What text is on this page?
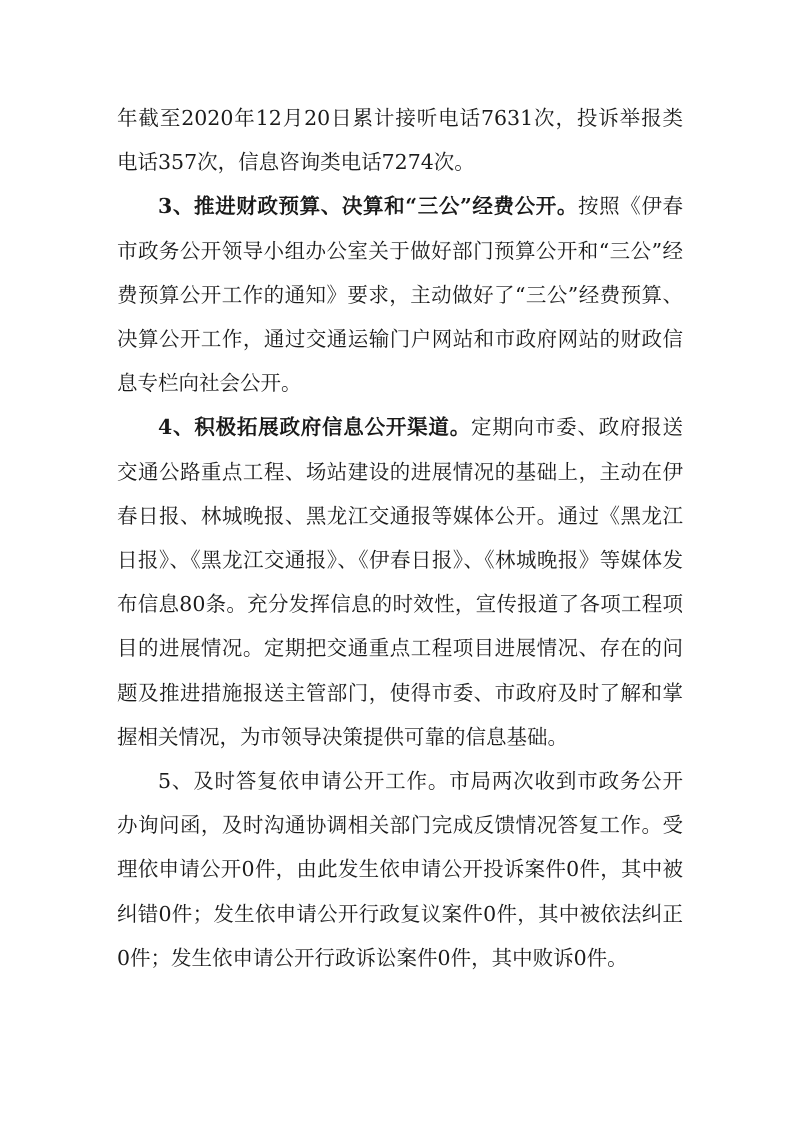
年截至2020年12月20日累计接听电话7631次，投诉举报类电话357次，信息咨询类电话7274次。

3、推进财政预算、决算和“三公”经费公开。按照《伊春市政务公开领导小组办公室关于做好部门预算公开和“三公”经费预算公开工作的通知》要求，主动做好了“三公”经费预算、决算公开工作，通过交通运输门户网站和市政府网站的财政信息专栏向社会公开。

4、积极拓展政府信息公开渠道。定期向市委、政府报送交通公路重点工程、场站建设的进展情况的基础上，主动在伊春日报、林城晚报、黑龙江交通报等媒体公开。通过《黑龙江日报》、《黑龙江交通报》、《伊春日报》、《林城晚报》等媒体发布信息80条。充分发挥信息的时效性，宣传报道了各项工程项目的进展情况。定期把交通重点工程项目进展情况、存在的问题及推进措施报送主管部门，使得市委、市政府及时了解和掌握相关情况，为市领导决策提供可靠的信息基础。

5、及时答复依申请公开工作。市局两次收到市政务公开办询问函，及时沟通协调相关部门完成反馈情况答复工作。受理依申请公开0件，由此发生依申请公开投诉案件0件，其中被纠错0件；发生依申请公开行政复议案件0件，其中被依法纠正0件；发生依申请公开行政诉讼案件0件，其中败诉0件。
